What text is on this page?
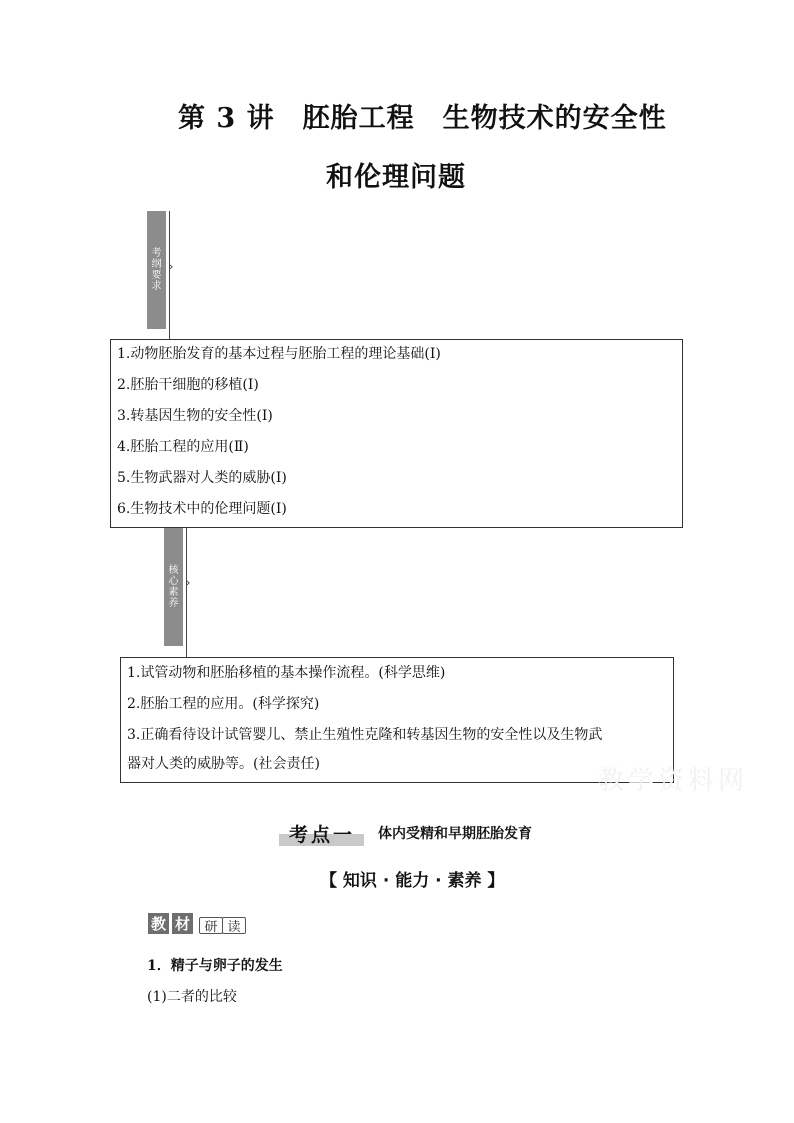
第 3 讲　胚胎工程　生物技术的安全性
和伦理问题
考纲要求
›
1.动物胚胎发育的基本过程与胚胎工程的理论基础(Ⅰ)
2.胚胎干细胞的移植(Ⅰ)
3.转基因生物的安全性(Ⅰ)
4.胚胎工程的应用(Ⅱ)
5.生物武器对人类的威胁(Ⅰ)
6.生物技术中的伦理问题(Ⅰ)
核心素养
›
1.试管动物和胚胎移植的基本操作流程。(科学思维)
2.胚胎工程的应用。(科学探究)
3.正确看待设计试管婴儿、禁止生殖性克隆和转基因生物的安全性以及生物武
器对人类的威胁等。(社会责任)
教学资料网
考点一 体内受精和早期胚胎发育
【 知识 · 能力 · 素养 】
教 材	研 读
1．精子与卵子的发生
(1)二者的比较
